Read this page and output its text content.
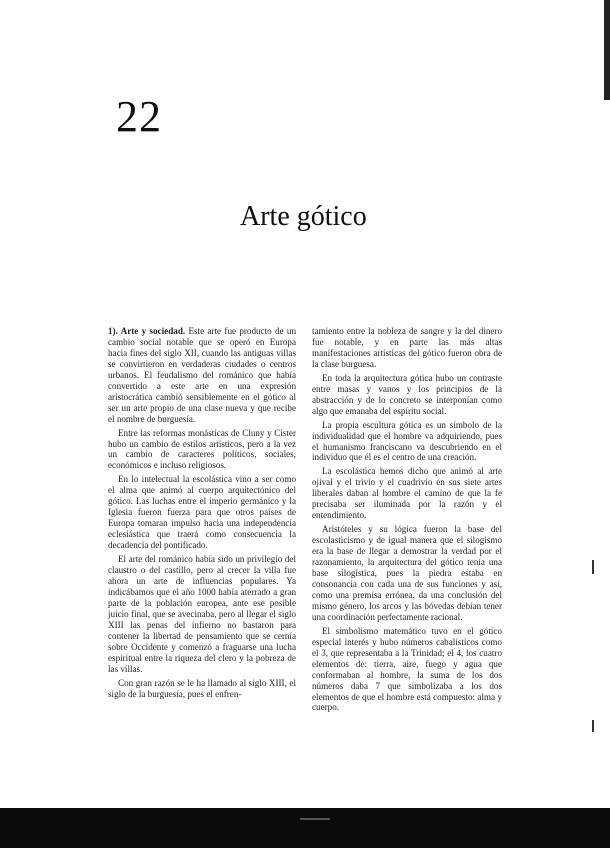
22
Arte gótico

1). Arte y sociedad. Este arte fue producto de un cambio social notable que se operó en Europa hacia fines del siglo XII, cuando las antiguas villas se convirtieron en verdaderas ciudades o centros urbanos. El feudalismo del románico que había convertido a este arte en una expresión aristocrática cambió sensiblemente en el gótico al ser un arte propio de una clase nueva y que recibe el nombre de burguesía.

Entre las reformas monásticas de Cluny y Cister hubo un cambio de estilos artísticos, pero a la vez un cambio de caracteres políticos, sociales, económicos e incluso religiosos.

En lo intelectual la escolástica vino a ser como el alma que animó al cuerpo arquitectónico del gótico. Las luchas entre el imperio germánico y la Iglesia fueron fuerza para que otros países de Europa tomaran impulso hacia una independencia eclesiástica que traerá como consecuencia la decadencia del pontificado.

El arte del románico había sido un privilegio del claustro o del castillo, pero al crecer la villa fue ahora un arte de influencias populares. Ya indicábamos que el año 1000 había aterrado a gran parte de la población europea, ante ese posible juicio final, que se avecinaba, pero al llegar el siglo XIII las penas del infierno no bastaron para contener la libertad de pensamiento que se cernía sobre Occidente y comenzó a fraguarse una lucha espiritual entre la riqueza del clero y la pobreza de las villas.

Con gran razón se le ha llamado al siglo XIII, el siglo de la burguesía, pues el enfren-

tamiento entre la nobleza de sangre y la del dinero fue notable, y en parte las más altas manifestaciones artísticas del gótico fueron obra de la clase burguesa.

En toda la arquitectura gótica hubo un contraste entre masas y vanos y los principios de la abstracción y de lo concreto se interponían como algo que emanaba del espíritu social.

La propia escultura gótica es un símbolo de la individualidad que el hombre va adquiriendo, pues el humanismo franciscano va descubriendo en el individuo que él es el centro de una creación.

La escolástica hemos dicho que animó al arte ojival y el trivio y el cuadrivio en sus siete artes liberales daban al hombre el camino de que la fe precisaba ser iluminada por la razón y el entendimiento.

Aristóteles y su lógica fueron la base del escolasticismo y de igual manera que el silogismo era la base de llegar a demostrar la verdad por el razonamiento, la arquitectura del gótico tenía una base silogística, pues la piedra estaba en consonancia con cada una de sus funciones y así, como una premisa errónea, da una conclusión del mismo género, los arcos y las bóvedas debían tener una coordinación perfectamente racional.

El simbolismo matemático tuvo en el gótico especial interés y hubo números cabalísticos como el 3, que representaba a la Trinidad; el 4, los cuatro elementos de: tierra, aire, fuego y agua que conformaban al hombre, la suma de los dos números daba 7 que simbolizaba a los dos elementos de que el hombre está compuesto: alma y cuerpo.
